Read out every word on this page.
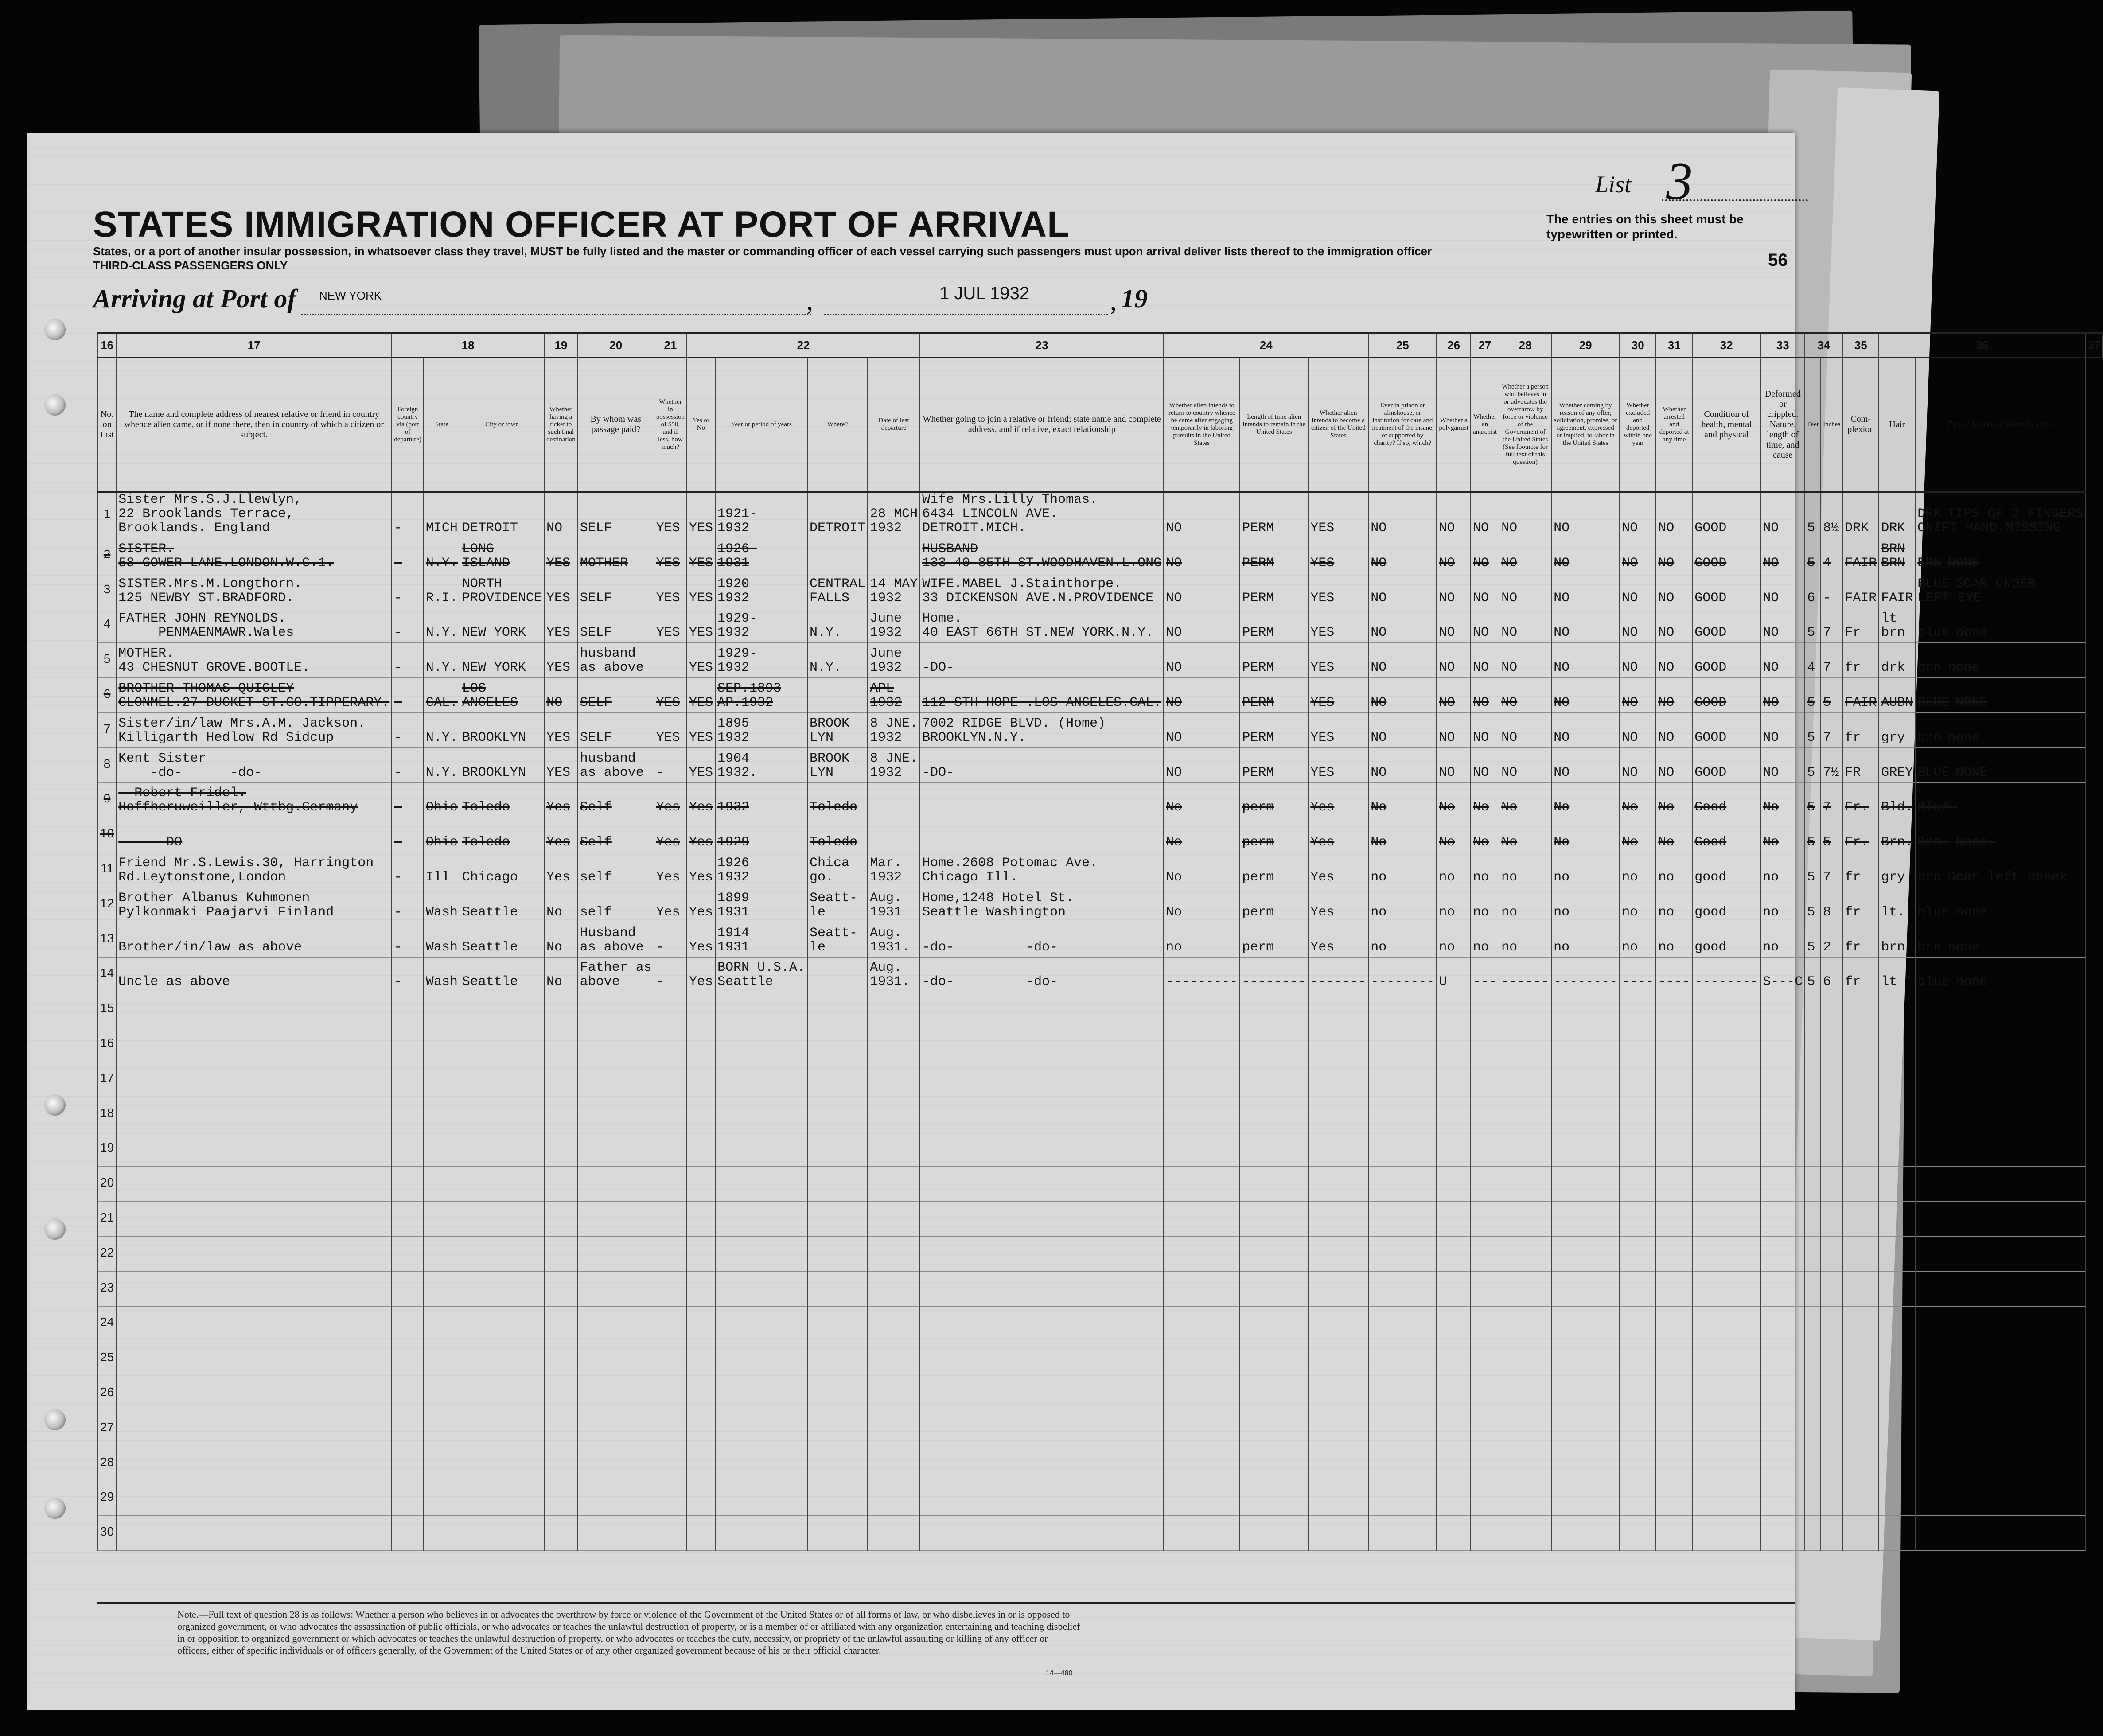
List 3
STATES IMMIGRATION OFFICER AT PORT OF ARRIVAL	The entries on this sheet must be typewritten or printed.
States, or a port of another insular possession, in whatsoever class they travel, MUST be fully listed and the master or commanding officer of each vessel carrying such passengers must upon arrival deliver lists thereof to the immigration officer
THIRD-CLASS PASSENGERS ONLY	56
Arriving at Port of NEW YORK	,	1 JUL 1932	, 19
16	17	18			19	20	21	22				23	24			25	26	27	28	29	30	31	32	33	34		35	36		37
No. on List	The name and complete address of nearest relative or friend in country whence alien came, or if none there, then in country of which a citizen or subject.	Foreign country via (port of departure)	State	City or town	Whether having a ticket to such final destination	By whom was passage paid?	Whether in possession of $50, and if less, how much?	Yes or No	Year or period of years	Where?	Date of last departure	Whether going to join a relative or friend; state name and complete address, and if relative, exact relationship	Whether alien intends to return to country whence he came after engaging temporarily in laboring pursuits in the United States	Length of time alien intends to remain in the United States	Whether alien intends to become a citizen of the United States	Ever in prison or almshouse, or institution for care and treatment of the insane, or supported by charity? If so, which?	Whether a polygamist	Whether an anarchist	Whether a person who believes in or advocates the overthrow by force or violence of the Government of the United States (See footnote for full text of this question)	Whether coming by reason of any offer, solicitation, promise, or agreement, expressed or implied, to labor in the United States	Whether excluded and deported within one year	Whether arrested and deported at any time	Condition of health, mental and physical	Deformed or crippled. Nature, length of time, and cause	Feet	Inches	Com-plexion	Hair	Eyes / Marks of identification	
1	Sister Mrs.S.J.Llewlyn,
22 Brooklands Terrace,
Brooklands. England	-	MICH	DETROIT	NO	SELF	YES	YES	1921-
1932	
DETROIT	28 MCH
1932	Wife Mrs.Lilly Thomas.
6434 LINCOLN AVE.
DETROIT.MICH.	NO	PERM	YES	NO	NO	NO	NO	NO	NO	NO	GOOD	NO	5	8½	DRK	DRK	DRK TIPS OF 2 FINGERS
ONIFT HAND.MISSING	
2	SISTER.
58 GOWER LANE.LONDON.W.C.1.	-	N.Y.	LONG
ISLAND	YES	MOTHER	YES	YES	1926-
1931			HUSBAND
133-40 85TH ST.WOODHAVEN.L.ONG	NO	PERM	YES	NO	NO	NO	NO	NO	NO	NO	GOOD	NO	5	4	FAIR	BRN
BRN	BRN NONE	
3	SISTER.Mrs.M.Longthorn.
125 NEWBY ST.BRADFORD.	-	R.I.	NORTH
PROVIDENCE	YES	SELF	YES	YES	1920
1932	CENTRAL
FALLS	14 MAY
1932	WIFE.MABEL J.Stainthorpe.
33 DICKENSON AVE.N.PROVIDENCE	NO	PERM	YES	NO	NO	NO	NO	NO	NO	NO	GOOD	NO	6	-	FAIR	FAIR	BLUE SCAR UNDER
LEFT EYE.	
4	FATHER JOHN REYNOLDS.
PENMAENMAWR.Wales	-	N.Y.	NEW YORK	YES	SELF	YES	YES	1929-
1932	
N.Y.	June
1932	Home.
40 EAST 66TH ST.NEW YORK.N.Y.	NO	PERM	YES	NO	NO	NO	NO	NO	NO	NO	GOOD	NO	5	7	Fr	lt
brn	blue none	
5	MOTHER.
43 CHESNUT GROVE.BOOTLE.	-	N.Y.	NEW YORK	YES	husband
as above		YES	1929-
1932	
N.Y.	June
1932	
-DO-	NO	PERM	YES	NO	NO	NO	NO	NO	NO	NO	GOOD	NO	4	7	fr	drk	brn none	
6	BROTHER THOMAS QUIGLEY
CLONMEL.27 DUCKET ST.CO.TIPPERARY.	-	CAL.	LOS
ANGELES	NO	SELF	YES	YES	SEP.1893
AP.1932		APL
1932	
112 STH HOPE .LOS ANGELES.CAL.	NO	PERM	YES	NO	NO	NO	NO	NO	NO	NO	GOOD	NO	5	5	FAIR	AUBN	BLUE NONE	
7	Sister/in/law Mrs.A.M. Jackson.
Killigarth Hedlow Rd Sidcup	-	N.Y.	BROOKLYN	YES	SELF	YES	YES	1895
1932	BROOK
LYN	8 JNE.
1932	7002 RIDGE BLVD. (Home)
BROOKLYN.N.Y.	NO	PERM	YES	NO	NO	NO	NO	NO	NO	NO	GOOD	NO	5	7	fr	gry	brn none	
8	Kent Sister
-do-      -do-	-	N.Y.	BROOKLYN	YES	husband
as above	-	YES	1904
1932.	BROOK
LYN	8 JNE.
1932	
-DO-	NO	PERM	YES	NO	NO	NO	NO	NO	NO	NO	GOOD	NO	5	7½	FR	GREY	BLUE NONE	
9	Robert Fridel.
Hoffheruweiller, Wttbg.Germany	-	Ohio	Toledo	Yes	Self	Yes	Yes	
1932	
Toledo			No	perm	Yes	No	No	No	No	No	No	No	Good	No	5	7	Fr.	Bld.	Blue.	
10	DO	-	Ohio	Toledo	Yes	Self	Yes	Yes	1929	Toledo			No	perm	Yes	No	No	No	No	No	No	No	Good	No	5	5	Fr.	Brn.	Brn. None.	
11	Friend Mr.S.Lewis.30, Harrington
Rd.Leytonstone,London	-	Ill	Chicago	Yes	self	Yes	Yes	1926
1932	Chica
go.	Mar.
1932	Home.2608 Potomac Ave.
Chicago Ill.	No	perm	Yes	no	no	no	no	no	no	no	good	no	5	7	fr	gry	brn Scar left cheek	
12	Brother Albanus Kuhmonen
Pylkonmaki Paajarvi Finland	-	Wash	Seattle	No	self	Yes	Yes	1899
1931	Seatt-
le	Aug.
1931	Home,1248 Hotel St.
Seattle Washington	No	perm	Yes	no	no	no	no	no	no	no	good	no	5	8	fr	lt.	blue none	
13	Brother/in/law as above	-	Wash	Seattle	No	Husband
as above	-	Yes	1914
1931	Seatt-
le	Aug.
1931.	
-do-         -do-	no	perm	Yes	no	no	no	no	no	no	no	good	no	5	2	fr	brn	brn none	
14	Uncle as above	-	Wash	Seattle	No	Father as
above	-	Yes	BORN U.S.A.
Seattle		Aug.
1931.	
-do-         -do-	---------	--------	-------	--------	U	---	------	--------	----	----	--------	S---C	5	6	fr	lt	blue none	
15																														
16																														
17																														
18																														
19																														
20																														
21																														
22																														
23																														
24																														
25																														
26																														
27																														
28																														
29																														
30																														
Note.—Full text of question 28 is as follows: Whether a person who believes in or advocates the overthrow by force or violence of the Government of the United States or of all forms of law, or who disbelieves in or is opposed to organized government, or who advocates the assassination of public officials, or who advocates or teaches the unlawful destruction of property, or is a member of or affiliated with any organization entertaining and teaching disbelief in or opposition to organized government or which advocates or teaches the unlawful destruction of property, or who advocates or teaches the duty, necessity, or propriety of the unlawful assaulting or killing of any officer or officers, either of specific individuals or of officers generally, of the Government of the United States or of any other organized government because of his or their official character.
14—480
